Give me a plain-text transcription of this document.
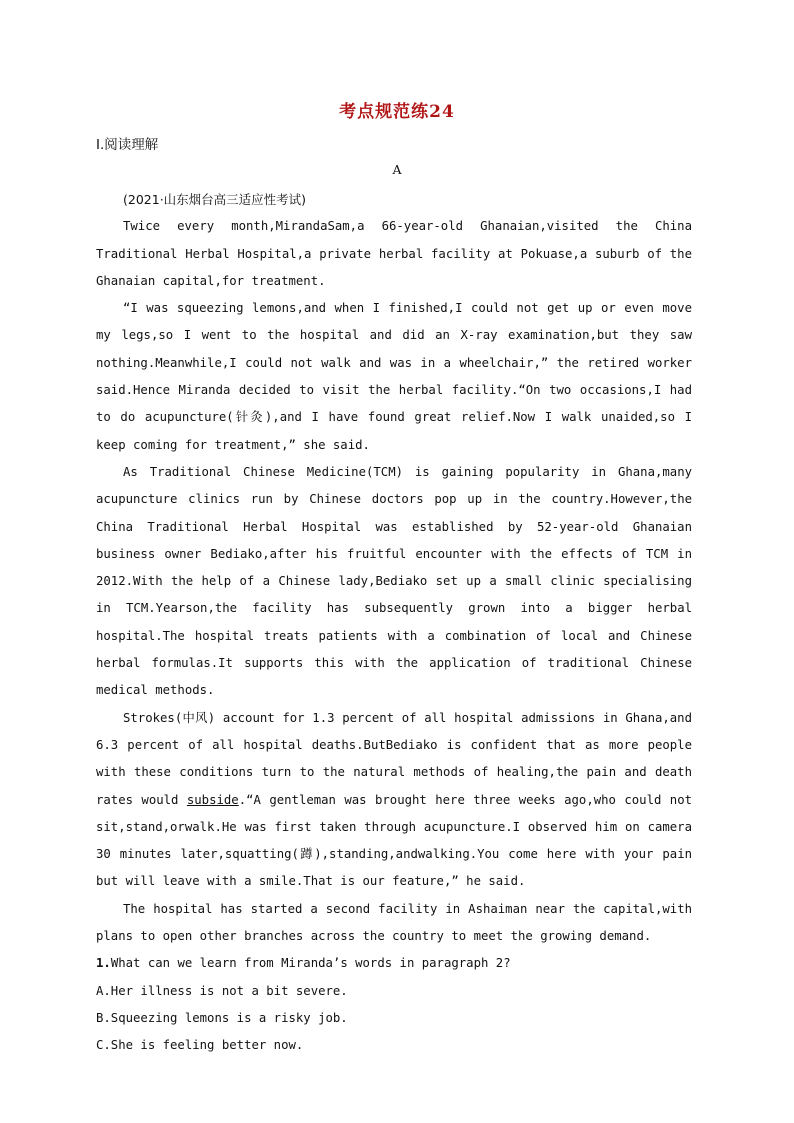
考点规范练24
Ⅰ.阅读理解
A

(2021·山东烟台高三适应性考试)

Twice every month,MirandaSam,a 66-year-old Ghanaian,visited the China Traditional Herbal Hospital,a private herbal facility at Pokuase,a suburb of the Ghanaian capital,for treatment.

“I was squeezing lemons,and when I finished,I could not get up or even move my legs,so I went to the hospital and did an X-ray examination,but they saw nothing.Meanwhile,I could not walk and was in a wheelchair,” the retired worker said.Hence Miranda decided to visit the herbal facility.“On two occasions,I had to do acupuncture(针灸),and I have found great relief.Now I walk unaided,so I keep coming for treatment,” she said.

As Traditional Chinese Medicine(TCM) is gaining popularity in Ghana,many acupuncture clinics run by Chinese doctors pop up in the country.However,the China Traditional Herbal Hospital was established by 52-year-old Ghanaian business owner Bediako,after his fruitful encounter with the effects of TCM in 2012.With the help of a Chinese lady,Bediako set up a small clinic specialising in TCM.Yearson,the facility has subsequently grown into a bigger herbal hospital.The hospital treats patients with a combination of local and Chinese herbal formulas.It supports this with the application of traditional Chinese medical methods.

Strokes(中风) account for 1.3 percent of all hospital admissions in Ghana,and 6.3 percent of all hospital deaths.ButBediako is confident that as more people with these conditions turn to the natural methods of healing,the pain and death rates would subside.“A gentleman was brought here three weeks ago,who could not sit,stand,orwalk.He was first taken through acupuncture.I observed him on camera 30 minutes later,squatting(蹲),standing,andwalking.You come here with your pain but will leave with a smile.That is our feature,” he said.

The hospital has started a second facility in Ashaiman near the capital,with plans to open other branches across the country to meet the growing demand.

1.What can we learn from Miranda’s words in paragraph 2?

A.Her illness is not a bit severe.

B.Squeezing lemons is a risky job.

C.She is feeling better now.
